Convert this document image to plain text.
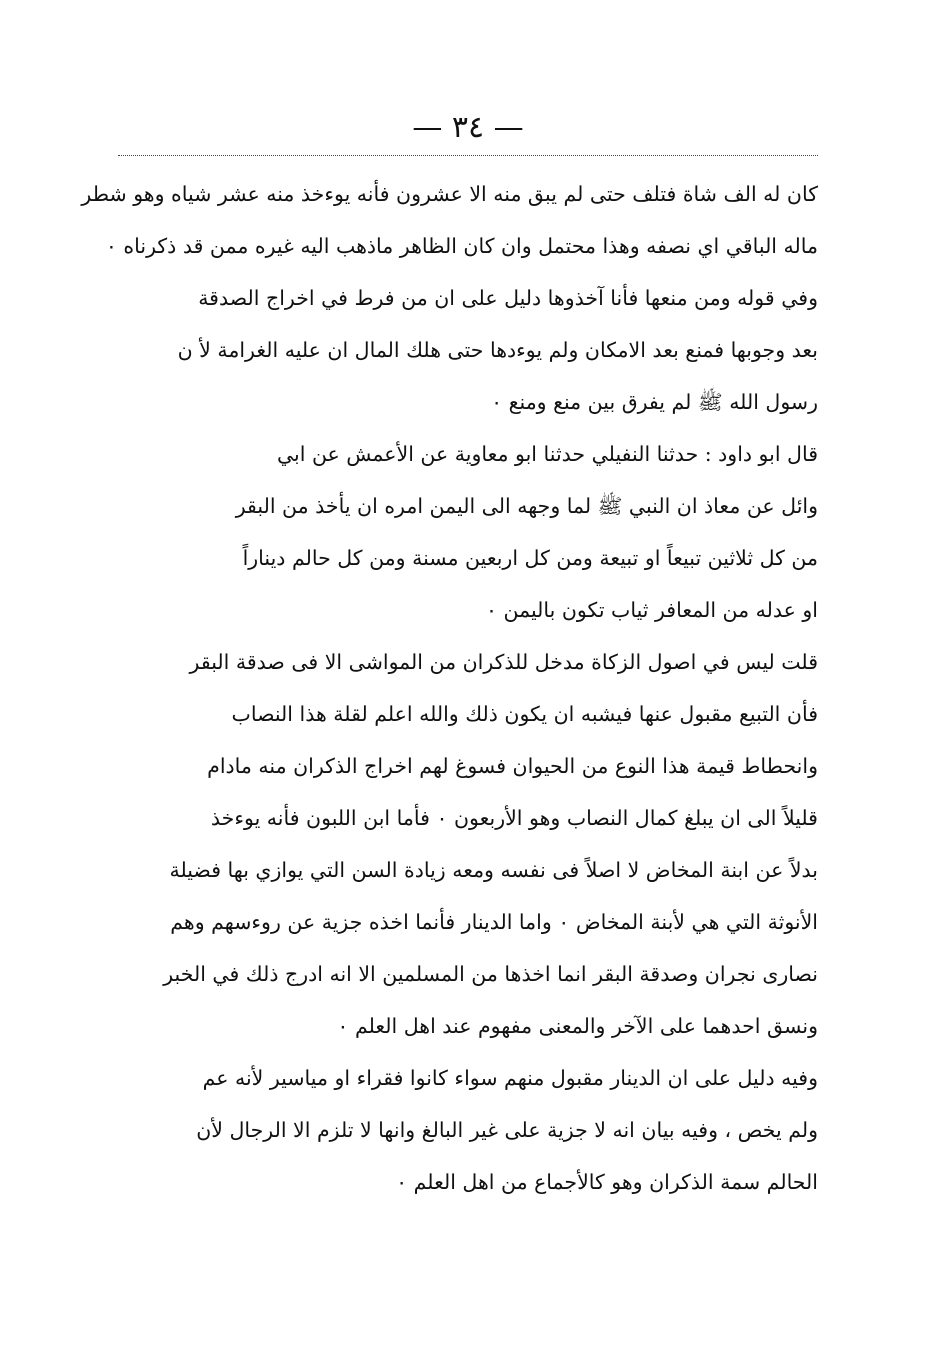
— ٣٤ —
كان له الف شاة فتلف حتى لم يبق منه الا عشرون فأنه يوءخذ منه عشر شياه وهو شطر
ماله الباقي اي نصفه وهذا محتمل وان كان الظاهر ماذهب اليه غيره ممن قد ذكرناه ٠
وفي قوله ومن منعها فأنا آخذوها دليل على ان من فرط في اخراج الصدقة
بعد وجوبها فمنع بعد الامكان ولم يوءدها حتى هلك المال ان عليه الغرامة لأ ن
رسول الله ﷺ لم يفرق بين منع ومنع ٠
قال ابو داود : حدثنا النفيلي حدثنا ابو معاوية عن الأعمش عن ابي
وائل عن معاذ ان النبي ﷺ لما وجهه الى اليمن امره ان يأخذ من البقر
من كل ثلاثين تبيعاً او تبيعة ومن كل اربعين مسنة ومن كل حالم ديناراً
او عدله من المعافر ثياب تكون باليمن ٠
قلت ليس في اصول الزكاة مدخل للذكران من المواشى الا فى صدقة البقر
فأن التبيع مقبول عنها فيشبه ان يكون ذلك والله اعلم لقلة هذا النصاب
وانحطاط قيمة هذا النوع من الحيوان فسوغ لهم اخراج الذكران منه مادام
قليلاً الى ان يبلغ كمال النصاب وهو الأربعون ٠ فأما ابن اللبون فأنه يوءخذ
بدلاً عن ابنة المخاض لا اصلاً فى نفسه ومعه زيادة السن التي يوازي بها فضيلة
الأنوثة التي هي لأبنة المخاض ٠ واما الدينار فأنما اخذه جزية عن روءسهم وهم
نصارى نجران وصدقة البقر انما اخذها من المسلمين الا انه ادرج ذلك في الخبر
ونسق احدهما على الآخر والمعنى مفهوم عند اهل العلم ٠
وفيه دليل على ان الدينار مقبول منهم سواء كانوا فقراء او مياسير لأنه عم
ولم يخص ، وفيه بيان انه لا جزية على غير البالغ وانها لا تلزم الا الرجال لأن
الحالم سمة الذكران وهو كالأجماع من اهل العلم ٠
